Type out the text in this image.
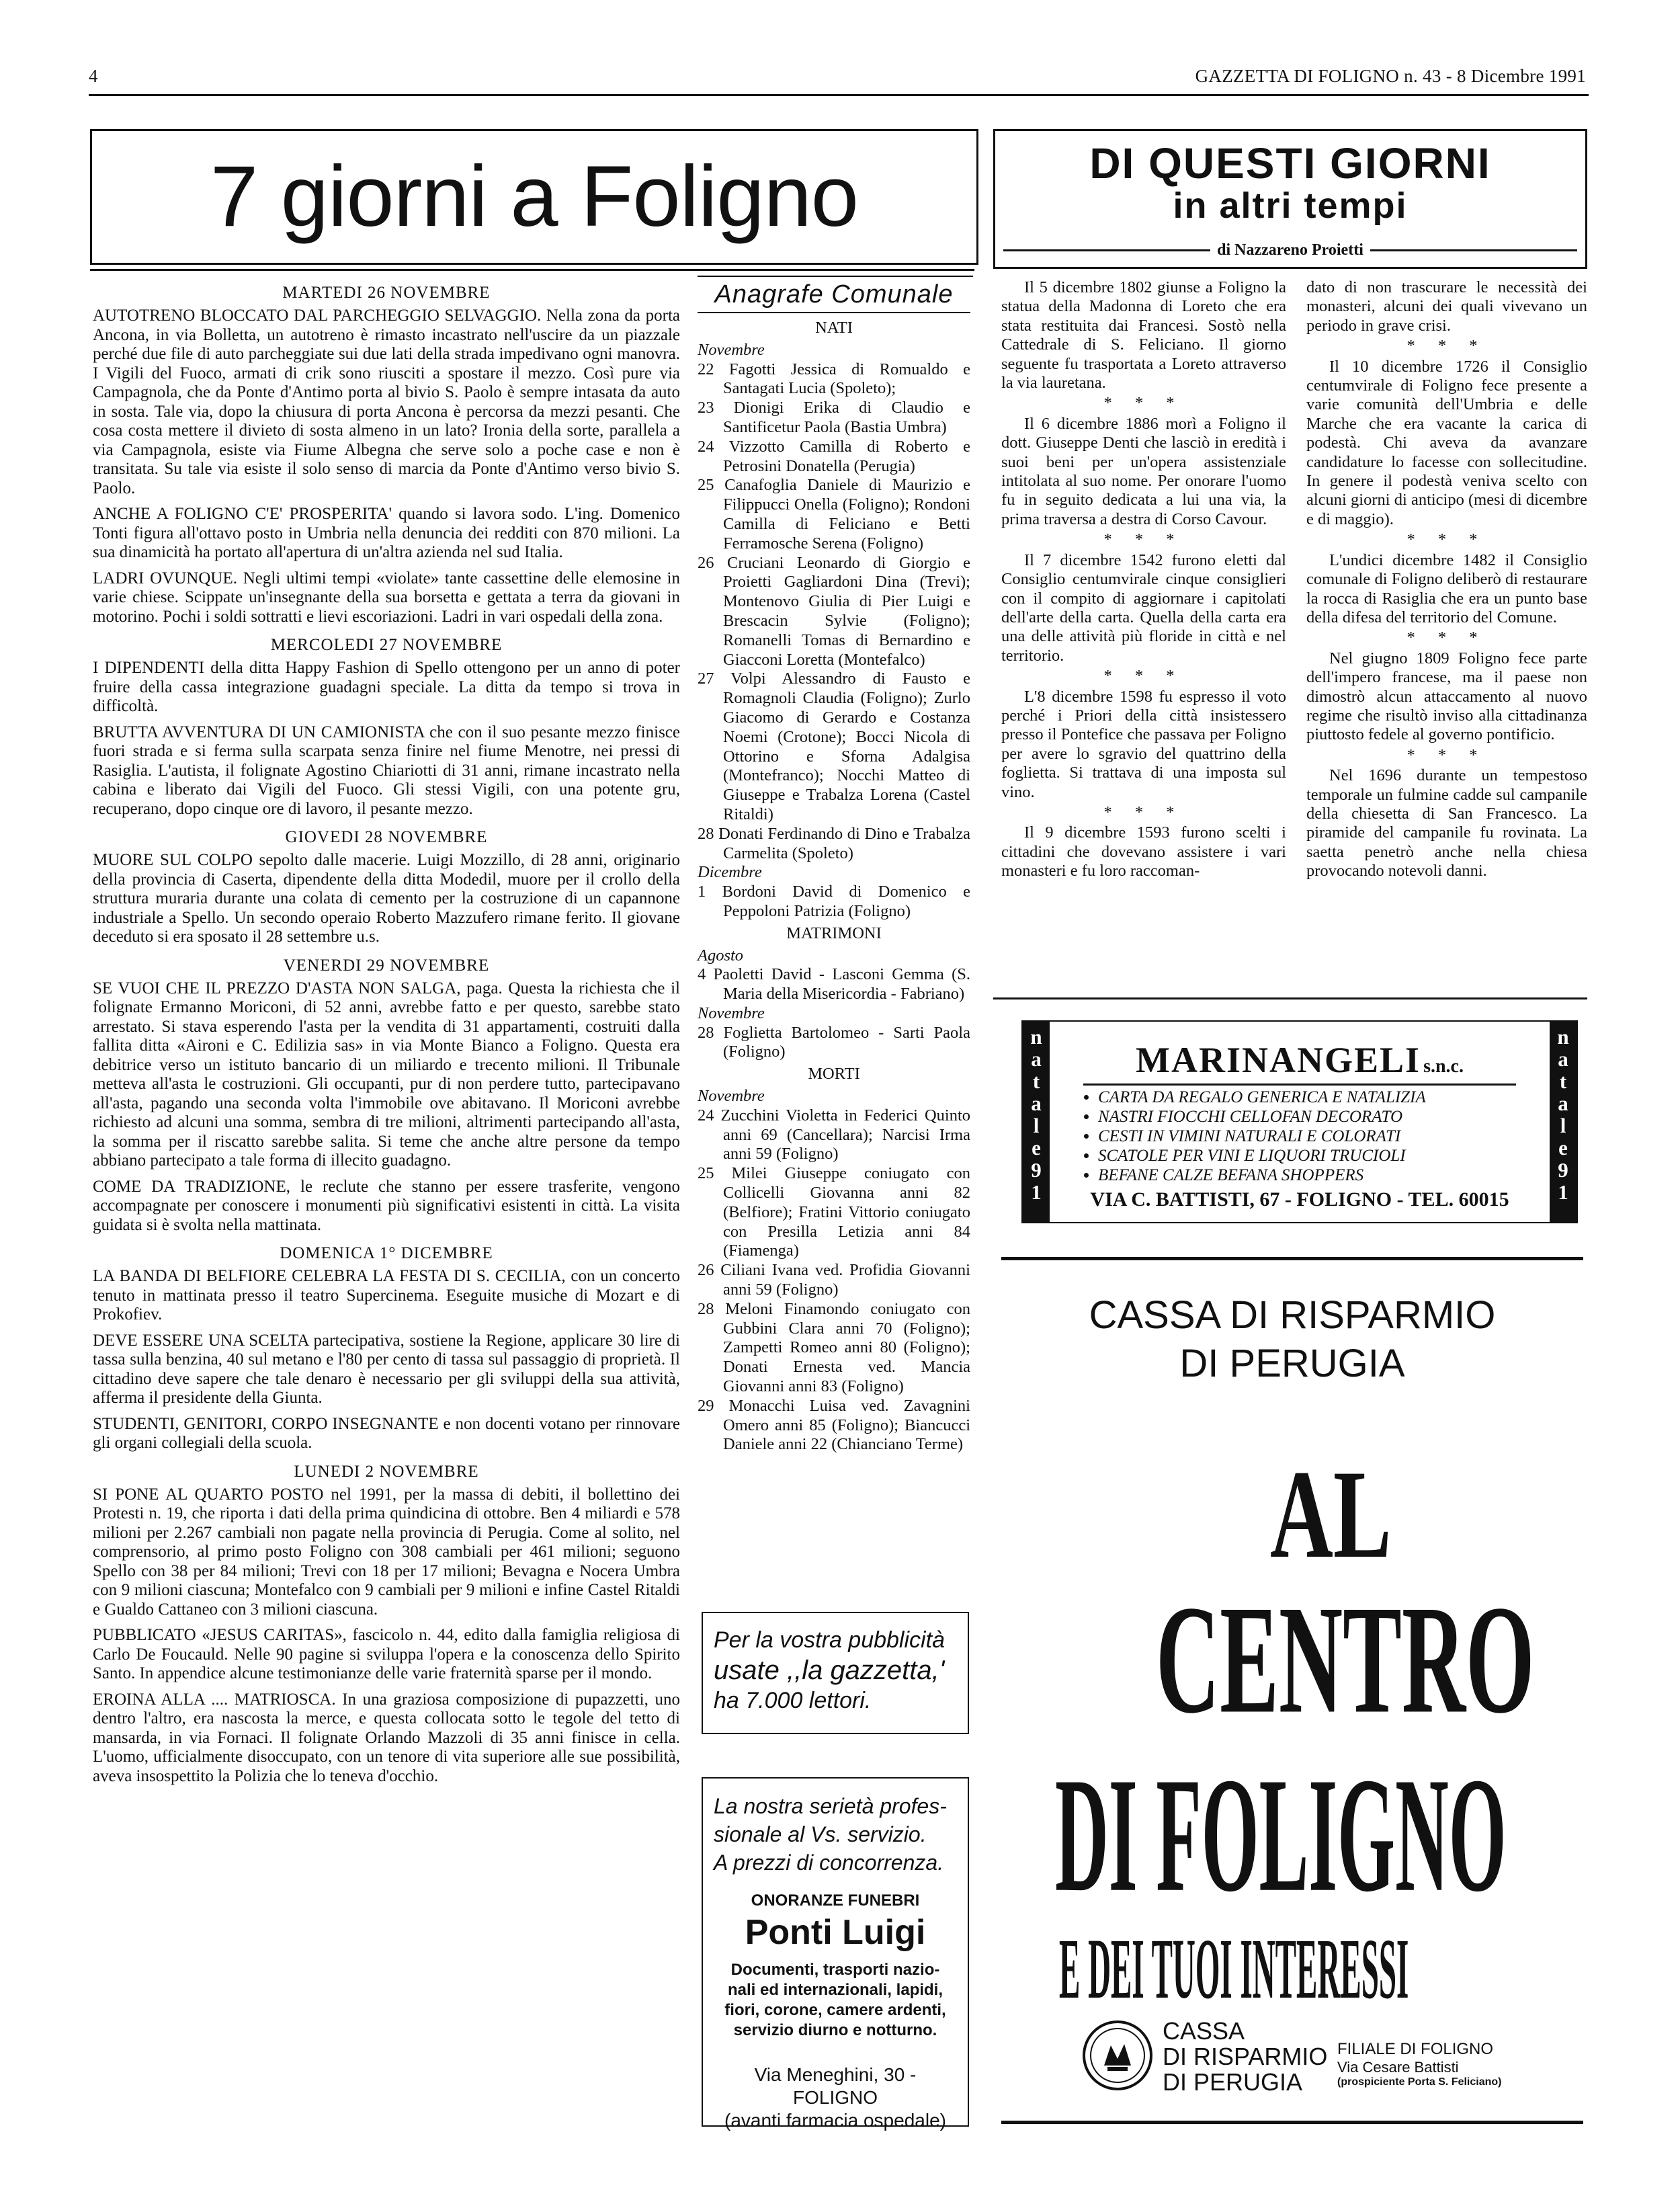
4	GAZZETTA DI FOLIGNO n. 43 - 8 Dicembre 1991
7 giorni a Foligno
MARTEDI 26 NOVEMBRE

AUTOTRENO BLOCCATO DAL PARCHEGGIO SELVAGGIO. Nella zona da porta Ancona, in via Bolletta, un autotreno è rimasto incastrato nell'uscire da un piazzale perché due file di auto parcheggiate sui due lati della strada impedivano ogni manovra. I Vigili del Fuoco, armati di crik sono riusciti a spostare il mezzo. Così pure via Campagnola, che da Ponte d'Antimo porta al bivio S. Paolo è sempre intasata da auto in sosta. Tale via, dopo la chiusura di porta Ancona è percorsa da mezzi pesanti. Che cosa costa mettere il divieto di sosta almeno in un lato? Ironia della sorte, parallela a via Campagnola, esiste via Fiume Albegna che serve solo a poche case e non è transitata. Su tale via esiste il solo senso di marcia da Ponte d'Antimo verso bivio S. Paolo.

ANCHE A FOLIGNO C'E' PROSPERITA' quando si lavora sodo. L'ing. Domenico Tonti figura all'ottavo posto in Umbria nella denuncia dei redditi con 870 milioni. La sua dinamicità ha portato all'apertura di un'altra azienda nel sud Italia.

LADRI OVUNQUE. Negli ultimi tempi «violate» tante cassettine delle elemosine in varie chiese. Scippate un'insegnante della sua borsetta e gettata a terra da giovani in motorino. Pochi i soldi sottratti e lievi escoriazioni. Ladri in vari ospedali della zona.

MERCOLEDI 27 NOVEMBRE

I DIPENDENTI della ditta Happy Fashion di Spello ottengono per un anno di poter fruire della cassa integrazione guadagni speciale. La ditta da tempo si trova in difficoltà.

BRUTTA AVVENTURA DI UN CAMIONISTA che con il suo pesante mezzo finisce fuori strada e si ferma sulla scarpata senza finire nel fiume Menotre, nei pressi di Rasiglia. L'autista, il folignate Agostino Chiariotti di 31 anni, rimane incastrato nella cabina e liberato dai Vigili del Fuoco. Gli stessi Vigili, con una potente gru, recuperano, dopo cinque ore di lavoro, il pesante mezzo.

GIOVEDI 28 NOVEMBRE

MUORE SUL COLPO sepolto dalle macerie. Luigi Mozzillo, di 28 anni, originario della provincia di Caserta, dipendente della ditta Modedil, muore per il crollo della struttura muraria durante una colata di cemento per la costruzione di un capannone industriale a Spello. Un secondo operaio Roberto Mazzufero rimane ferito. Il giovane deceduto si era sposato il 28 settembre u.s.

VENERDI 29 NOVEMBRE

SE VUOI CHE IL PREZZO D'ASTA NON SALGA, paga. Questa la richiesta che il folignate Ermanno Moriconi, di 52 anni, avrebbe fatto e per questo, sarebbe stato arrestato. Si stava esperendo l'asta per la vendita di 31 appartamenti, costruiti dalla fallita ditta «Aironi e C. Edilizia sas» in via Monte Bianco a Foligno. Questa era debitrice verso un istituto bancario di un miliardo e trecento milioni. Il Tribunale metteva all'asta le costruzioni. Gli occupanti, pur di non perdere tutto, partecipavano all'asta, pagando una seconda volta l'immobile ove abitavano. Il Moriconi avrebbe richiesto ad alcuni una somma, sembra di tre milioni, altrimenti partecipando all'asta, la somma per il riscatto sarebbe salita. Si teme che anche altre persone da tempo abbiano partecipato a tale forma di illecito guadagno.

COME DA TRADIZIONE, le reclute che stanno per essere trasferite, vengono accompagnate per conoscere i monumenti più significativi esistenti in città. La visita guidata si è svolta nella mattinata.

DOMENICA 1° DICEMBRE

LA BANDA DI BELFIORE CELEBRA LA FESTA DI S. CECILIA, con un concerto tenuto in mattinata presso il teatro Supercinema. Eseguite musiche di Mozart e di Prokofiev.

DEVE ESSERE UNA SCELTA partecipativa, sostiene la Regione, applicare 30 lire di tassa sulla benzina, 40 sul metano e l'80 per cento di tassa sul passaggio di proprietà. Il cittadino deve sapere che tale denaro è necessario per gli sviluppi della sua attività, afferma il presidente della Giunta.

STUDENTI, GENITORI, CORPO INSEGNANTE e non docenti votano per rinnovare gli organi collegiali della scuola.

LUNEDI 2 NOVEMBRE

SI PONE AL QUARTO POSTO nel 1991, per la massa di debiti, il bollettino dei Protesti n. 19, che riporta i dati della prima quindicina di ottobre. Ben 4 miliardi e 578 milioni per 2.267 cambiali non pagate nella provincia di Perugia. Come al solito, nel comprensorio, al primo posto Foligno con 308 cambiali per 461 milioni; seguono Spello con 38 per 84 milioni; Trevi con 18 per 17 milioni; Bevagna e Nocera Umbra con 9 milioni ciascuna; Montefalco con 9 cambiali per 9 milioni e infine Castel Ritaldi e Gualdo Cattaneo con 3 milioni ciascuna.

PUBBLICATO «JESUS CARITAS», fascicolo n. 44, edito dalla famiglia religiosa di Carlo De Foucauld. Nelle 90 pagine si sviluppa l'opera e la conoscenza dello Spirito Santo. In appendice alcune testimonianze delle varie fraternità sparse per il mondo.

EROINA ALLA .... MATRIOSCA. In una graziosa composizione di pupazzetti, uno dentro l'altro, era nascosta la merce, e questa collocata sotto le tegole del tetto di mansarda, in via Fornaci. Il folignate Orlando Mazzoli di 35 anni finisce in cella. L'uomo, ufficialmente disoccupato, con un tenore di vita superiore alle sue possibilità, aveva insospettito la Polizia che lo teneva d'occhio.

Anagrafe Comunale
NATI
Novembre
22 Fagotti Jessica di Romualdo e Santagati Lucia (Spoleto);
23 Dionigi Erika di Claudio e Santificetur Paola (Bastia Umbra)
24 Vizzotto Camilla di Roberto e Petrosini Donatella (Perugia)
25 Canafoglia Daniele di Maurizio e Filippucci Onella (Foligno); Rondoni Camilla di Feliciano e Betti Ferramosche Serena (Foligno)
26 Cruciani Leonardo di Giorgio e Proietti Gagliardoni Dina (Trevi); Montenovo Giulia di Pier Luigi e Brescacin Sylvie (Foligno); Romanelli Tomas di Bernardino e Giacconi Loretta (Montefalco)
27 Volpi Alessandro di Fausto e Romagnoli Claudia (Foligno); Zurlo Giacomo di Gerardo e Costanza Noemi (Crotone); Bocci Nicola di Ottorino e Sforna Adalgisa (Montefranco); Nocchi Matteo di Giuseppe e Trabalza Lorena (Castel Ritaldi)
28 Donati Ferdinando di Dino e Trabalza Carmelita (Spoleto)
Dicembre
1 Bordoni David di Domenico e Peppoloni Patrizia (Foligno)
MATRIMONI
Agosto
4 Paoletti David - Lasconi Gemma (S. Maria della Misericordia - Fabriano)
Novembre
28 Foglietta Bartolomeo - Sarti Paola (Foligno)
MORTI
Novembre
24 Zucchini Violetta in Federici Quinto anni 69 (Cancellara); Narcisi Irma anni 59 (Foligno)
25 Milei Giuseppe coniugato con Collicelli Giovanna anni 82 (Belfiore); Fratini Vittorio coniugato con Presilla Letizia anni 84 (Fiamenga)
26 Ciliani Ivana ved. Profidia Giovanni anni 59 (Foligno)
28 Meloni Finamondo coniugato con Gubbini Clara anni 70 (Foligno); Zampetti Romeo anni 80 (Foligno); Donati Ernesta ved. Mancia Giovanni anni 83 (Foligno)
29 Monacchi Luisa ved. Zavagnini Omero anni 85 (Foligno); Biancucci Daniele anni 22 (Chianciano Terme)
Per la vostra pubblicità
usate ,,la gazzetta,'
ha 7.000 lettori.
La nostra serietà profes-
sionale al Vs. servizio.
A prezzi di concorrenza.
ONORANZE FUNEBRI
Ponti Luigi
Documenti, trasporti nazio-
nali ed internazionali, lapidi,
fiori, corone, camere ardenti,
servizio diurno e notturno.
Via Meneghini, 30 - FOLIGNO
(avanti farmacia ospedale)
DI QUESTI GIORNI
in altri tempi
di Nazzareno Proietti

Il 5 dicembre 1802 giunse a Foligno la statua della Madonna di Loreto che era stata restituita dai Francesi. Sostò nella Cattedrale di S. Feliciano. Il giorno seguente fu trasportata a Loreto attraverso la via lauretana.

* * *

Il 6 dicembre 1886 morì a Foligno il dott. Giuseppe Denti che lasciò in eredità i suoi beni per un'opera assistenziale intitolata al suo nome. Per onorare l'uomo fu in seguito dedicata a lui una via, la prima traversa a destra di Corso Cavour.

* * *

Il 7 dicembre 1542 furono eletti dal Consiglio centumvirale cinque consiglieri con il compito di aggiornare i capitolati dell'arte della carta. Quella della carta era una delle attività più floride in città e nel territorio.

* * *

L'8 dicembre 1598 fu espresso il voto perché i Priori della città insistessero presso il Pontefice che passava per Foligno per avere lo sgravio del quattrino della foglietta. Si trattava di una imposta sul vino.

* * *

Il 9 dicembre 1593 furono scelti i cittadini che dovevano assistere i vari monasteri e fu loro raccoman-

dato di non trascurare le necessità dei monasteri, alcuni dei quali vivevano un periodo in grave crisi.

* * *

Il 10 dicembre 1726 il Consiglio centumvirale di Foligno fece presente a varie comunità dell'Umbria e delle Marche che era vacante la carica di podestà. Chi aveva da avanzare candidature lo facesse con sollecitudine. In genere il podestà veniva scelto con alcuni giorni di anticipo (mesi di dicembre e di maggio).

* * *

L'undici dicembre 1482 il Consiglio comunale di Foligno deliberò di restaurare la rocca di Rasiglia che era un punto base della difesa del territorio del Comune.

* * *

Nel giugno 1809 Foligno fece parte dell'impero francese, ma il paese non dimostrò alcun attaccamento al nuovo regime che risultò inviso alla cittadinanza piuttosto fedele al governo pontificio.

* * *

Nel 1696 durante un tempestoso temporale un fulmine cadde sul campanile della chiesetta di San Francesco. La piramide del campanile fu rovinata. La saetta penetrò anche nella chiesa provocando notevoli danni.

n
a
t
a
l
e
9
1
n
a
t
a
l
e
9
1
MARINANGELI s.n.c.
• CARTA DA REGALO GENERICA E NATALIZIA
• NASTRI FIOCCHI CELLOFAN DECORATO
• CESTI IN VIMINI NATURALI E COLORATI
• SCATOLE PER VINI E LIQUORI TRUCIOLI
• BEFANE CALZE BEFANA SHOPPERS
VIA C. BATTISTI, 67 - FOLIGNO - TEL. 60015
CASSA DI RISPARMIO
DI PERUGIA
AL
CENTRO
DI FOLIGNO
E DEI TUOI INTERESSI
CASSA
DI RISPARMIO
DI PERUGIA
FILIALE DI FOLIGNO
Via Cesare Battisti
(prospiciente Porta S. Feliciano)
